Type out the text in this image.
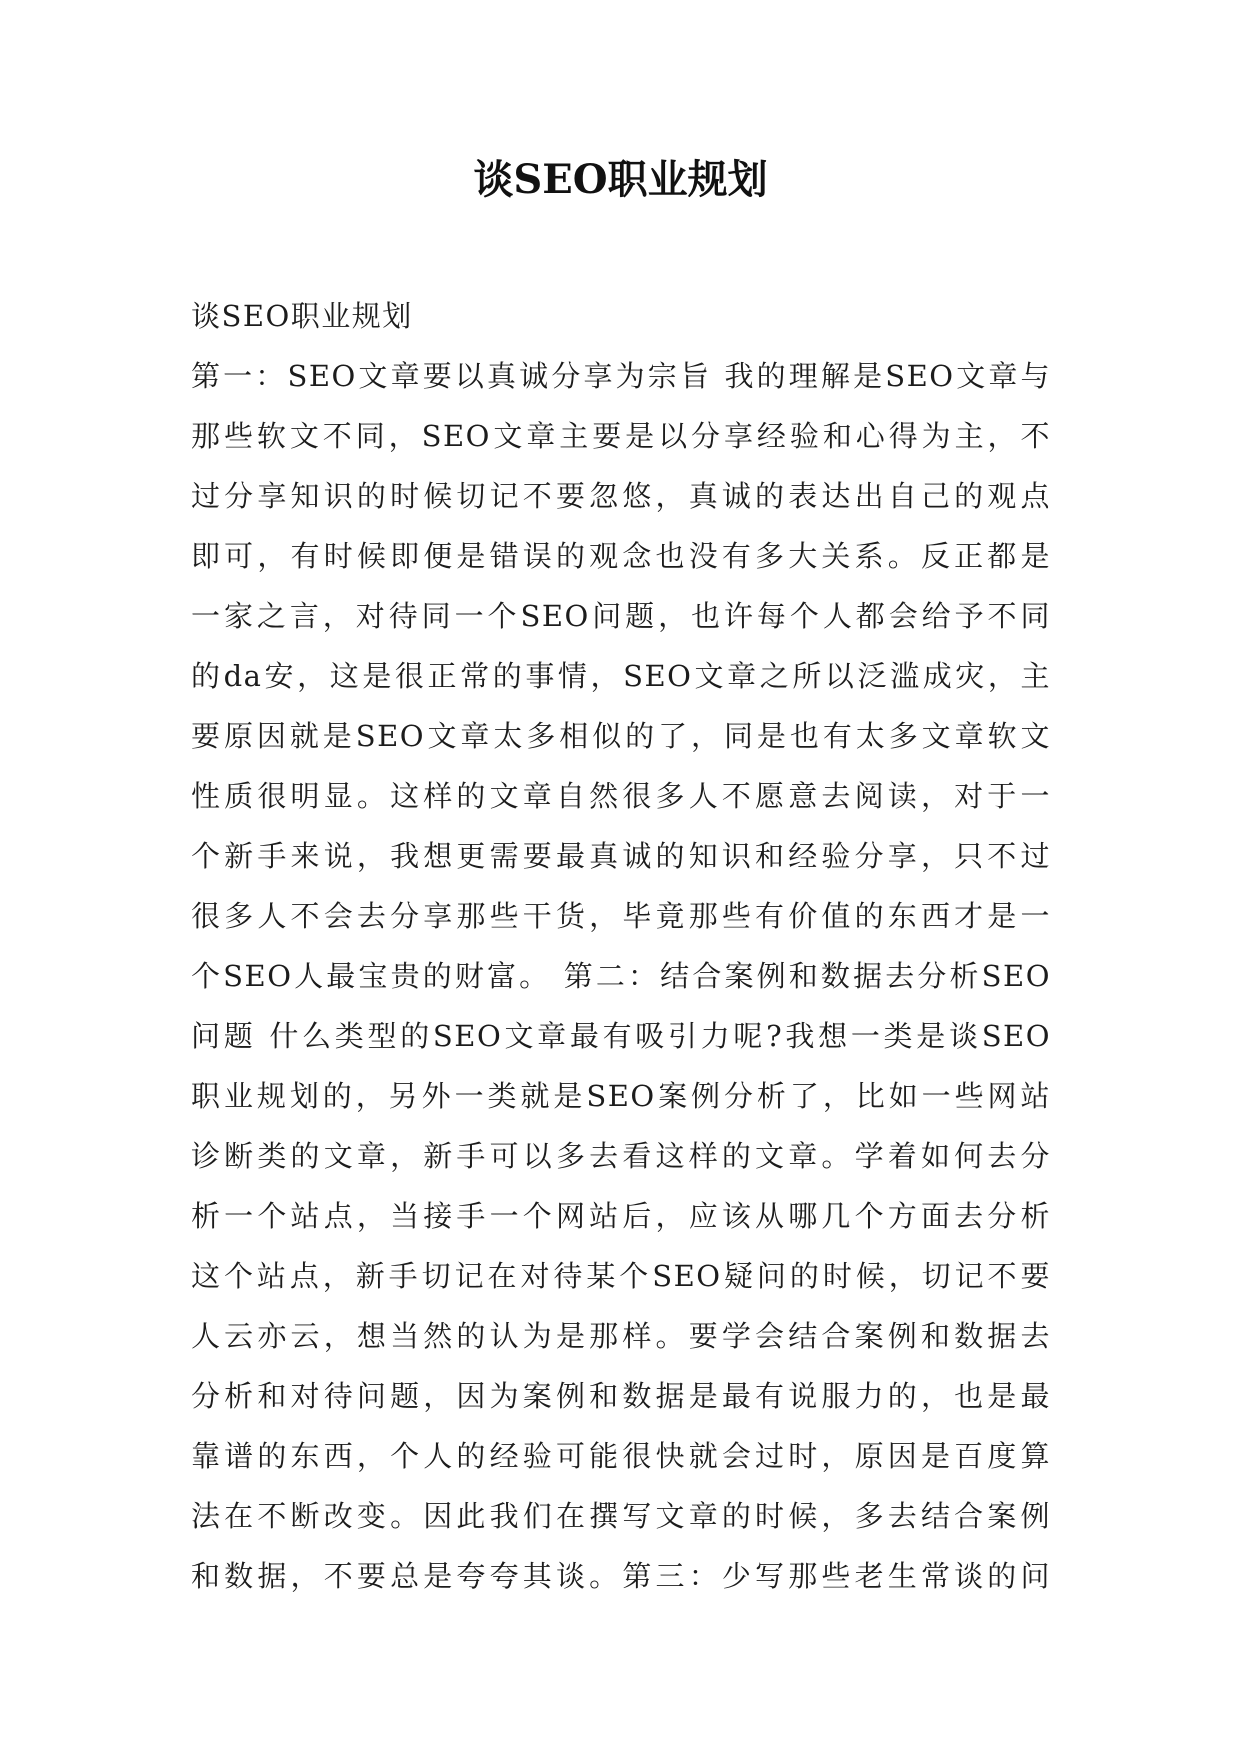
谈SEO职业规划
谈SEO职业规划
第一：SEO文章要以真诚分享为宗旨 我的理解是SEO文章与
那些软文不同，SEO文章主要是以分享经验和心得为主，不
过分享知识的时候切记不要忽悠，真诚的表达出自己的观点
即可，有时候即便是错误的观念也没有多大关系。反正都是
一家之言，对待同一个SEO问题，也许每个人都会给予不同
的da安，这是很正常的事情，SEO文章之所以泛滥成灾，主
要原因就是SEO文章太多相似的了，同是也有太多文章软文
性质很明显。这样的文章自然很多人不愿意去阅读，对于一
个新手来说，我想更需要最真诚的知识和经验分享，只不过
很多人不会去分享那些干货，毕竟那些有价值的东西才是一
个SEO人最宝贵的财富。 第二：结合案例和数据去分析SEO
问题 什么类型的SEO文章最有吸引力呢?我想一类是谈SEO
职业规划的，另外一类就是SEO案例分析了，比如一些网站
诊断类的文章，新手可以多去看这样的文章。学着如何去分
析一个站点，当接手一个网站后，应该从哪几个方面去分析
这个站点，新手切记在对待某个SEO疑问的时候，切记不要
人云亦云，想当然的认为是那样。要学会结合案例和数据去
分析和对待问题，因为案例和数据是最有说服力的，也是最
靠谱的东西，个人的经验可能很快就会过时，原因是百度算
法在不断改变。因此我们在撰写文章的时候，多去结合案例
和数据，不要总是夸夸其谈。第三：少写那些老生常谈的问
